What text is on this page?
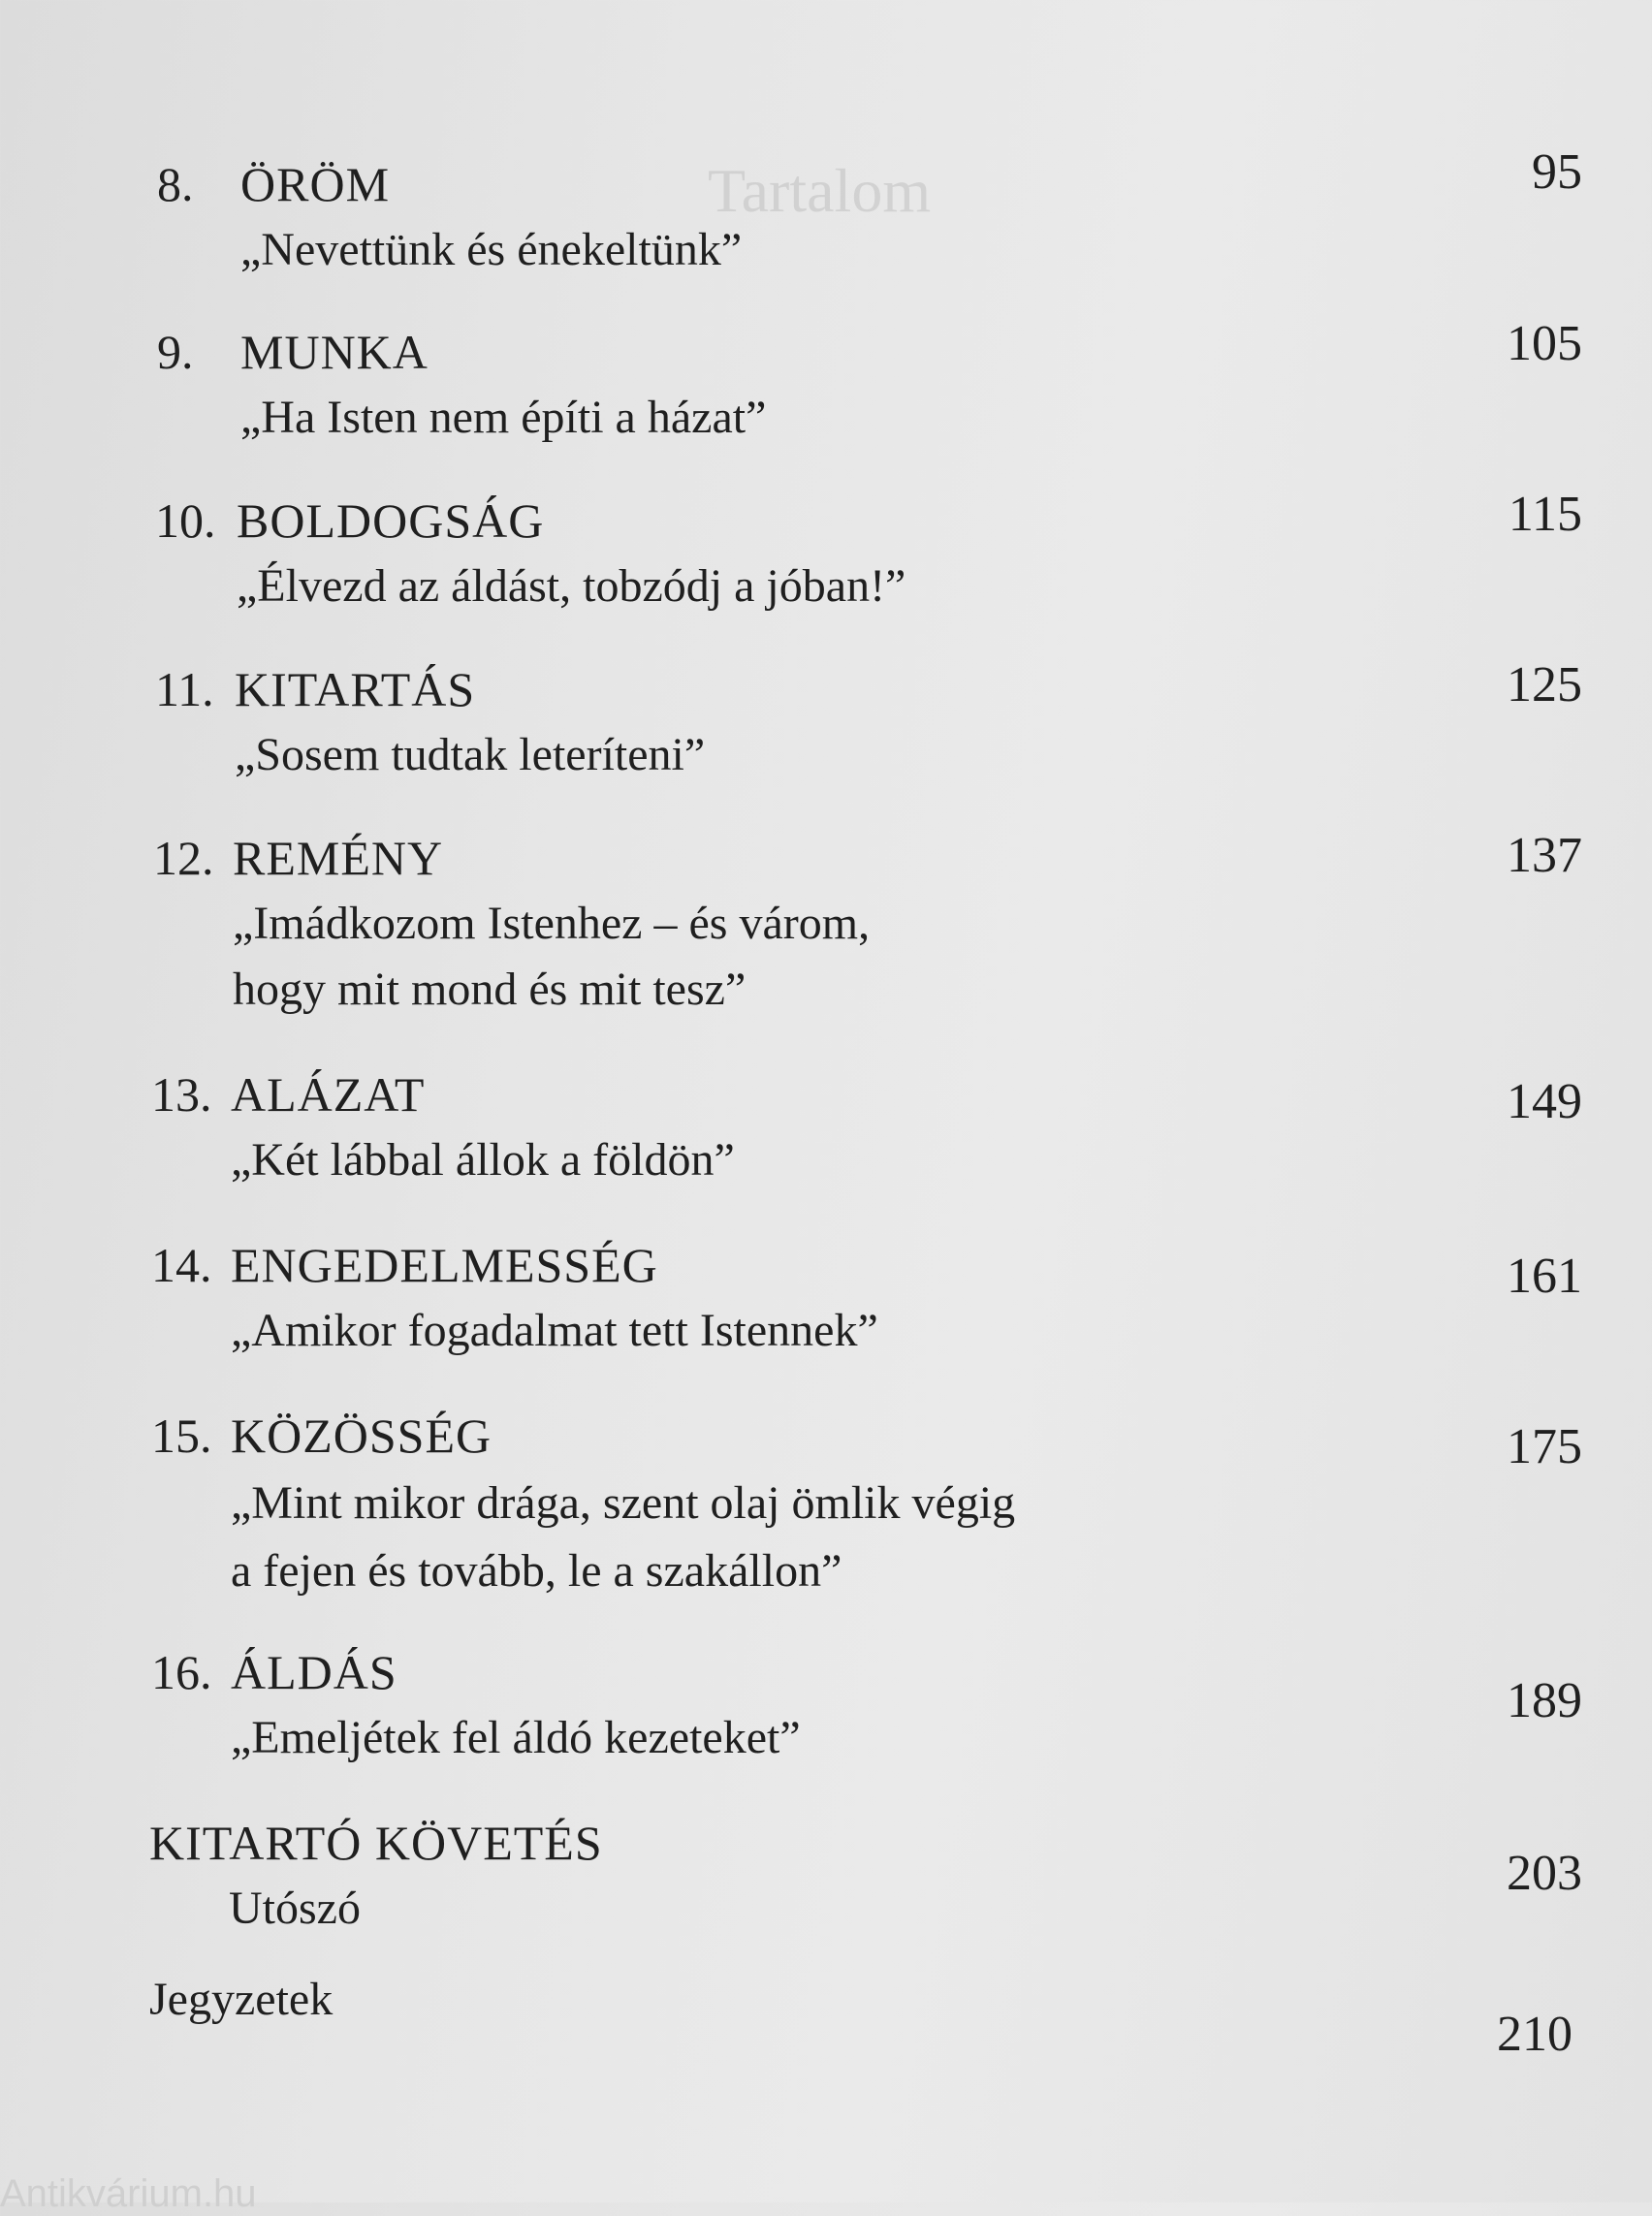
Tartalom
8. ÖRÖM
„Nevettünk és énekeltünk”
95
9. MUNKA
„Ha Isten nem építi a házat”
105
10. BOLDOGSÁG
„Élvezd az áldást, tobzódj a jóban!”
115
11. KITARTÁS
„Sosem tudtak leteríteni”
125
12. REMÉNY
„Imádkozom Istenhez – és várom,
hogy mit mond és mit tesz”
137
13. ALÁZAT
„Két lábbal állok a földön”
149
14. ENGEDELMESSÉG
„Amikor fogadalmat tett Istennek”
161
15. KÖZÖSSÉG
„Mint mikor drága, szent olaj ömlik végig
a fejen és tovább, le a szakállon”
175
16. ÁLDÁS
„Emeljétek fel áldó kezeteket”
189
KITARTÓ KÖVETÉS
Utószó
203
Jegyzetek
210
Antikvárium.hu
